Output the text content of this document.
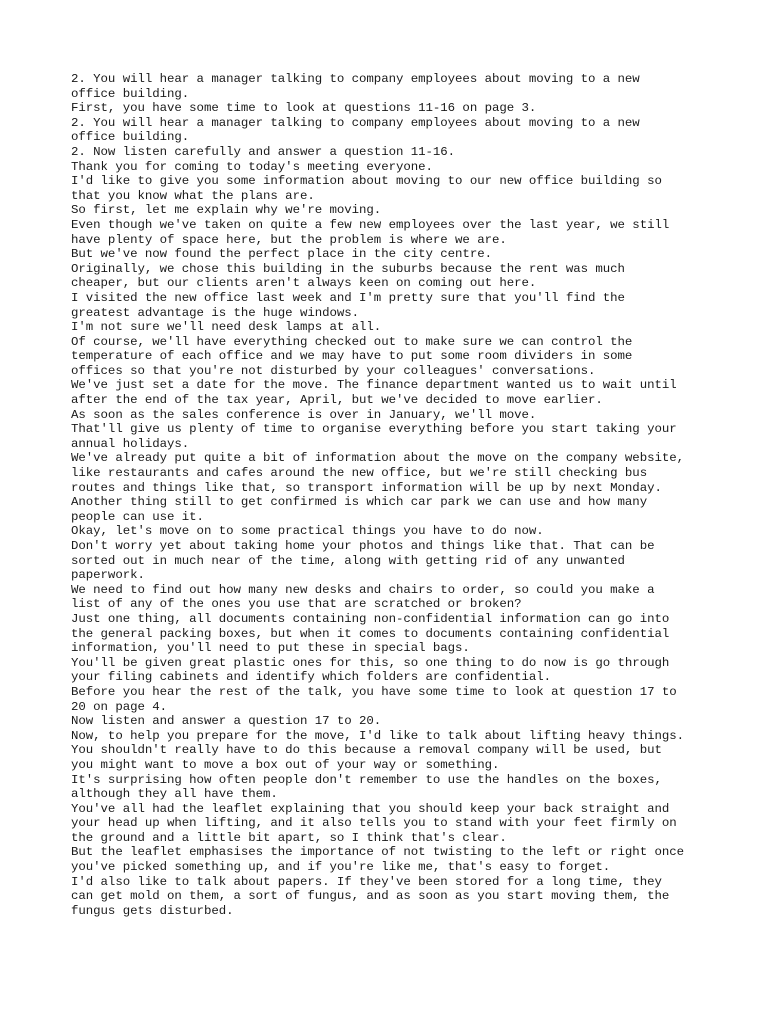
2. You will hear a manager talking to company employees about moving to a new
office building.
First, you have some time to look at questions 11-16 on page 3.
2. You will hear a manager talking to company employees about moving to a new
office building.
2. Now listen carefully and answer a question 11-16.
Thank you for coming to today's meeting everyone.
I'd like to give you some information about moving to our new office building so
that you know what the plans are.
So first, let me explain why we're moving.
Even though we've taken on quite a few new employees over the last year, we still
have plenty of space here, but the problem is where we are.
But we've now found the perfect place in the city centre.
Originally, we chose this building in the suburbs because the rent was much
cheaper, but our clients aren't always keen on coming out here.
I visited the new office last week and I'm pretty sure that you'll find the
greatest advantage is the huge windows.
I'm not sure we'll need desk lamps at all.
Of course, we'll have everything checked out to make sure we can control the
temperature of each office and we may have to put some room dividers in some
offices so that you're not disturbed by your colleagues' conversations.
We've just set a date for the move. The finance department wanted us to wait until
after the end of the tax year, April, but we've decided to move earlier.
As soon as the sales conference is over in January, we'll move.
That'll give us plenty of time to organise everything before you start taking your
annual holidays.
We've already put quite a bit of information about the move on the company website,
like restaurants and cafes around the new office, but we're still checking bus
routes and things like that, so transport information will be up by next Monday.
Another thing still to get confirmed is which car park we can use and how many
people can use it.
Okay, let's move on to some practical things you have to do now.
Don't worry yet about taking home your photos and things like that. That can be
sorted out in much near of the time, along with getting rid of any unwanted
paperwork.
We need to find out how many new desks and chairs to order, so could you make a
list of any of the ones you use that are scratched or broken?
Just one thing, all documents containing non-confidential information can go into
the general packing boxes, but when it comes to documents containing confidential
information, you'll need to put these in special bags.
You'll be given great plastic ones for this, so one thing to do now is go through
your filing cabinets and identify which folders are confidential.
Before you hear the rest of the talk, you have some time to look at question 17 to
20 on page 4.
Now listen and answer a question 17 to 20.
Now, to help you prepare for the move, I'd like to talk about lifting heavy things.
You shouldn't really have to do this because a removal company will be used, but
you might want to move a box out of your way or something.
It's surprising how often people don't remember to use the handles on the boxes,
although they all have them.
You've all had the leaflet explaining that you should keep your back straight and
your head up when lifting, and it also tells you to stand with your feet firmly on
the ground and a little bit apart, so I think that's clear.
But the leaflet emphasises the importance of not twisting to the left or right once
you've picked something up, and if you're like me, that's easy to forget.
I'd also like to talk about papers. If they've been stored for a long time, they
can get mold on them, a sort of fungus, and as soon as you start moving them, the
fungus gets disturbed.
